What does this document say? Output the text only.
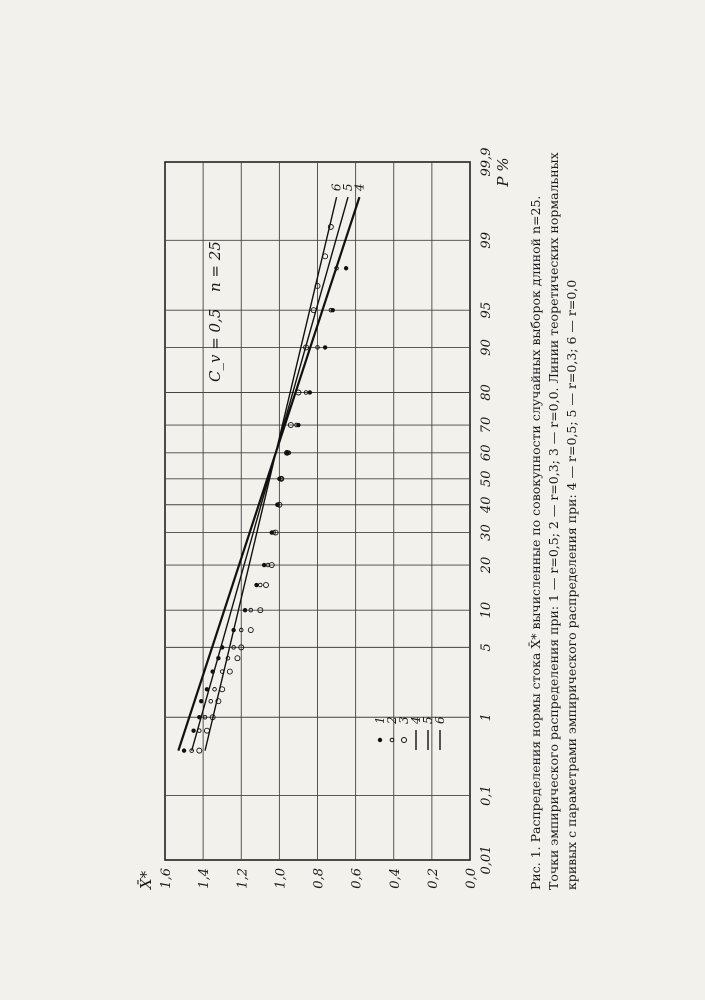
4
5
6
0,01
0,1
1
5
10
20
30
40
50
60
70
80
90
95
99
99,9
0,0
0,2
0,4
0,6
0,8
1,0
1,2
1,4
1,6
P %
X̄*
1
2
3
4
5
6
C_v = 0,5
n = 25	Рис. 1. Распределения нормы стока X̄* вычисленные по совокупности случайных выборок длиной n=25. Точки эмпирического распределения при: 1 — r=0,5; 2 — r=0,3; 3 — r=0,0. Линии теоретических нормальных кривых с параметрами эмпирического распределения при: 4 — r=0,5; 5 — r=0,3; 6 — r=0,0
